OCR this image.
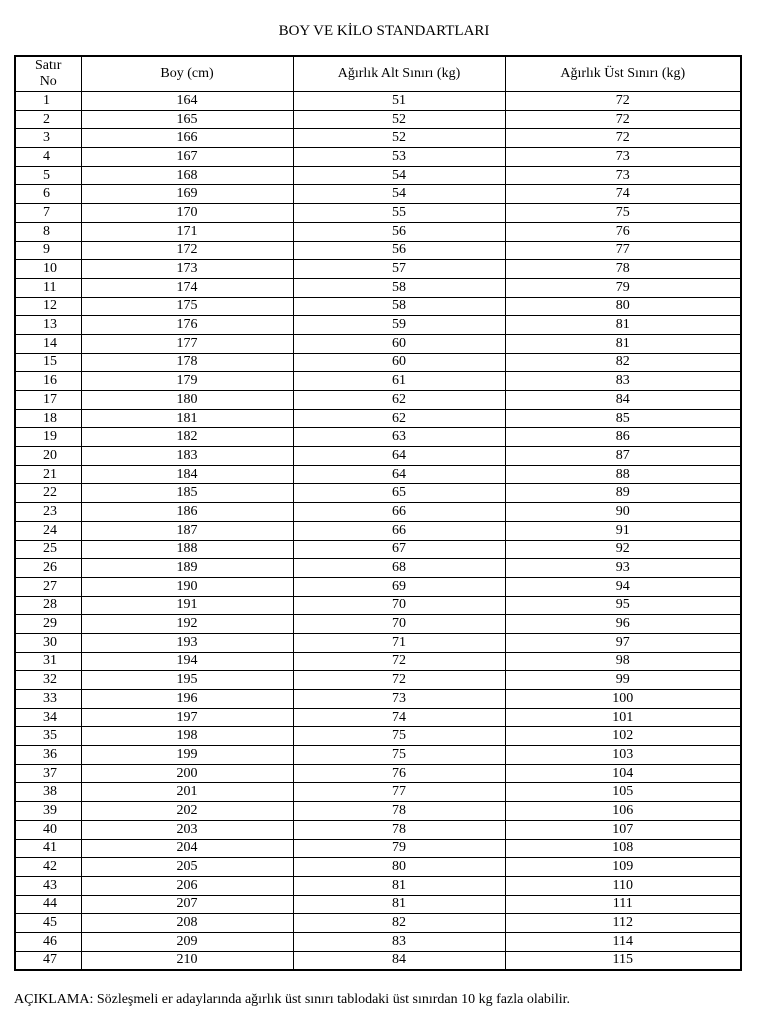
BOY VE KİLO STANDARTLARI
Satır
No	Boy (cm)	Ağırlık Alt Sınırı (kg)	Ağırlık Üst Sınırı (kg)
1	164	51	72
2	165	52	72
3	166	52	72
4	167	53	73
5	168	54	73
6	169	54	74
7	170	55	75
8	171	56	76
9	172	56	77
10	173	57	78
11	174	58	79
12	175	58	80
13	176	59	81
14	177	60	81
15	178	60	82
16	179	61	83
17	180	62	84
18	181	62	85
19	182	63	86
20	183	64	87
21	184	64	88
22	185	65	89
23	186	66	90
24	187	66	91
25	188	67	92
26	189	68	93
27	190	69	94
28	191	70	95
29	192	70	96
30	193	71	97
31	194	72	98
32	195	72	99
33	196	73	100
34	197	74	101
35	198	75	102
36	199	75	103
37	200	76	104
38	201	77	105
39	202	78	106
40	203	78	107
41	204	79	108
42	205	80	109
43	206	81	110
44	207	81	111
45	208	82	112
46	209	83	114
47	210	84	115
AÇIKLAMA: Sözleşmeli er adaylarında ağırlık üst sınırı tablodaki üst sınırdan 10 kg fazla olabilir.
